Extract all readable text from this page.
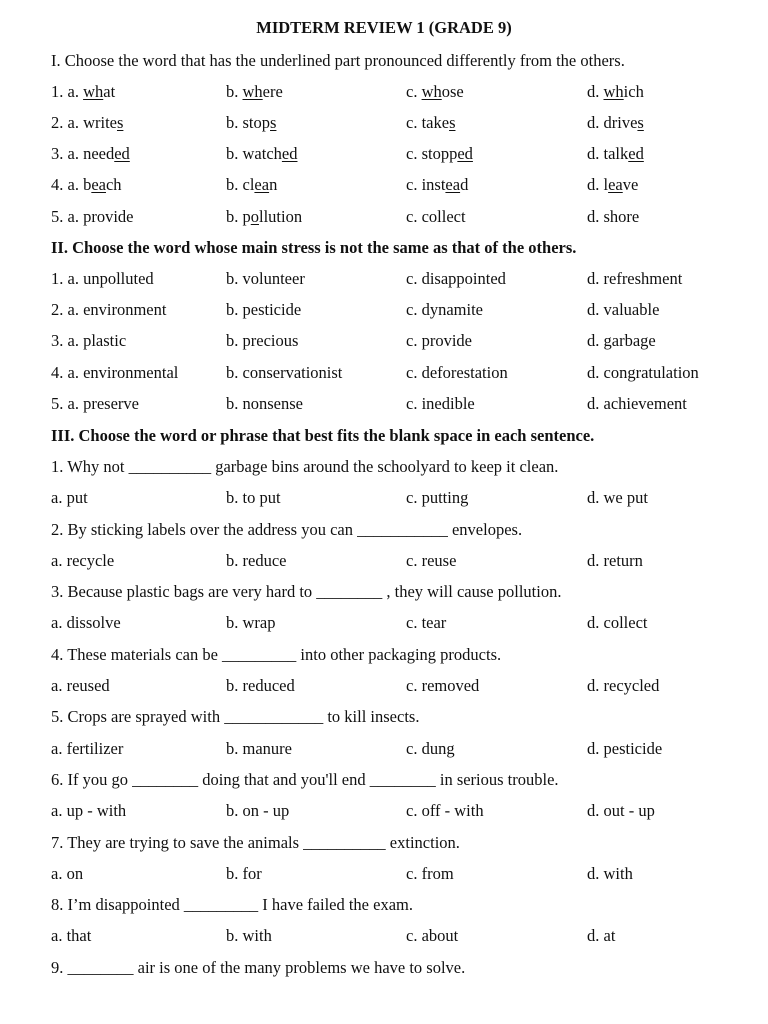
MIDTERM REVIEW 1 (GRADE 9)
I. Choose the word that has the underlined part pronounced differently from the others.
1. a. what	b. where	c. whose	d. which
2. a. writes	b. stops	c. takes	d. drives
3. a. needed	b. watched	c. stopped	d. talked
4. a. beach	b. clean	c. instead	d. leave
5. a. provide	b. pollution	c. collect	d. shore
II. Choose the word whose main stress is not the same as that of the others.
1. a. unpolluted	b. volunteer	c. disappointed	d. refreshment
2. a. environment	b. pesticide	c. dynamite	d. valuable
3. a. plastic	b. precious	c. provide	d. garbage
4. a. environmental	b. conservationist	c. deforestation	d. congratulation
5. a. preserve	b. nonsense	c. inedible	d. achievement
III. Choose the word or phrase that best fits the blank space in each sentence.
1. Why not __________ garbage bins around the schoolyard to keep it clean.
a. put	b. to put	c. putting	d. we put
2. By sticking labels over the address you can ___________ envelopes.
a. recycle	b. reduce	c. reuse	d. return
3. Because plastic bags are very hard to ________ , they will cause pollution.
a. dissolve	b. wrap	c. tear	d. collect
4. These materials can be _________ into other packaging products.
a. reused	b. reduced	c. removed	d. recycled
5. Crops are sprayed with ____________ to kill insects.
a. fertilizer	b. manure	c. dung	d. pesticide
6. If you go ________ doing that and you'll end ________ in serious trouble.
a. up - with	b. on - up	c. off - with	d. out - up
7. They are trying to save the animals __________ extinction.
a. on	b. for	c. from	d. with
8. I’m disappointed _________ I have failed the exam.
a. that	b. with	c. about	d. at
9. ________ air is one of the many problems we have to solve.
